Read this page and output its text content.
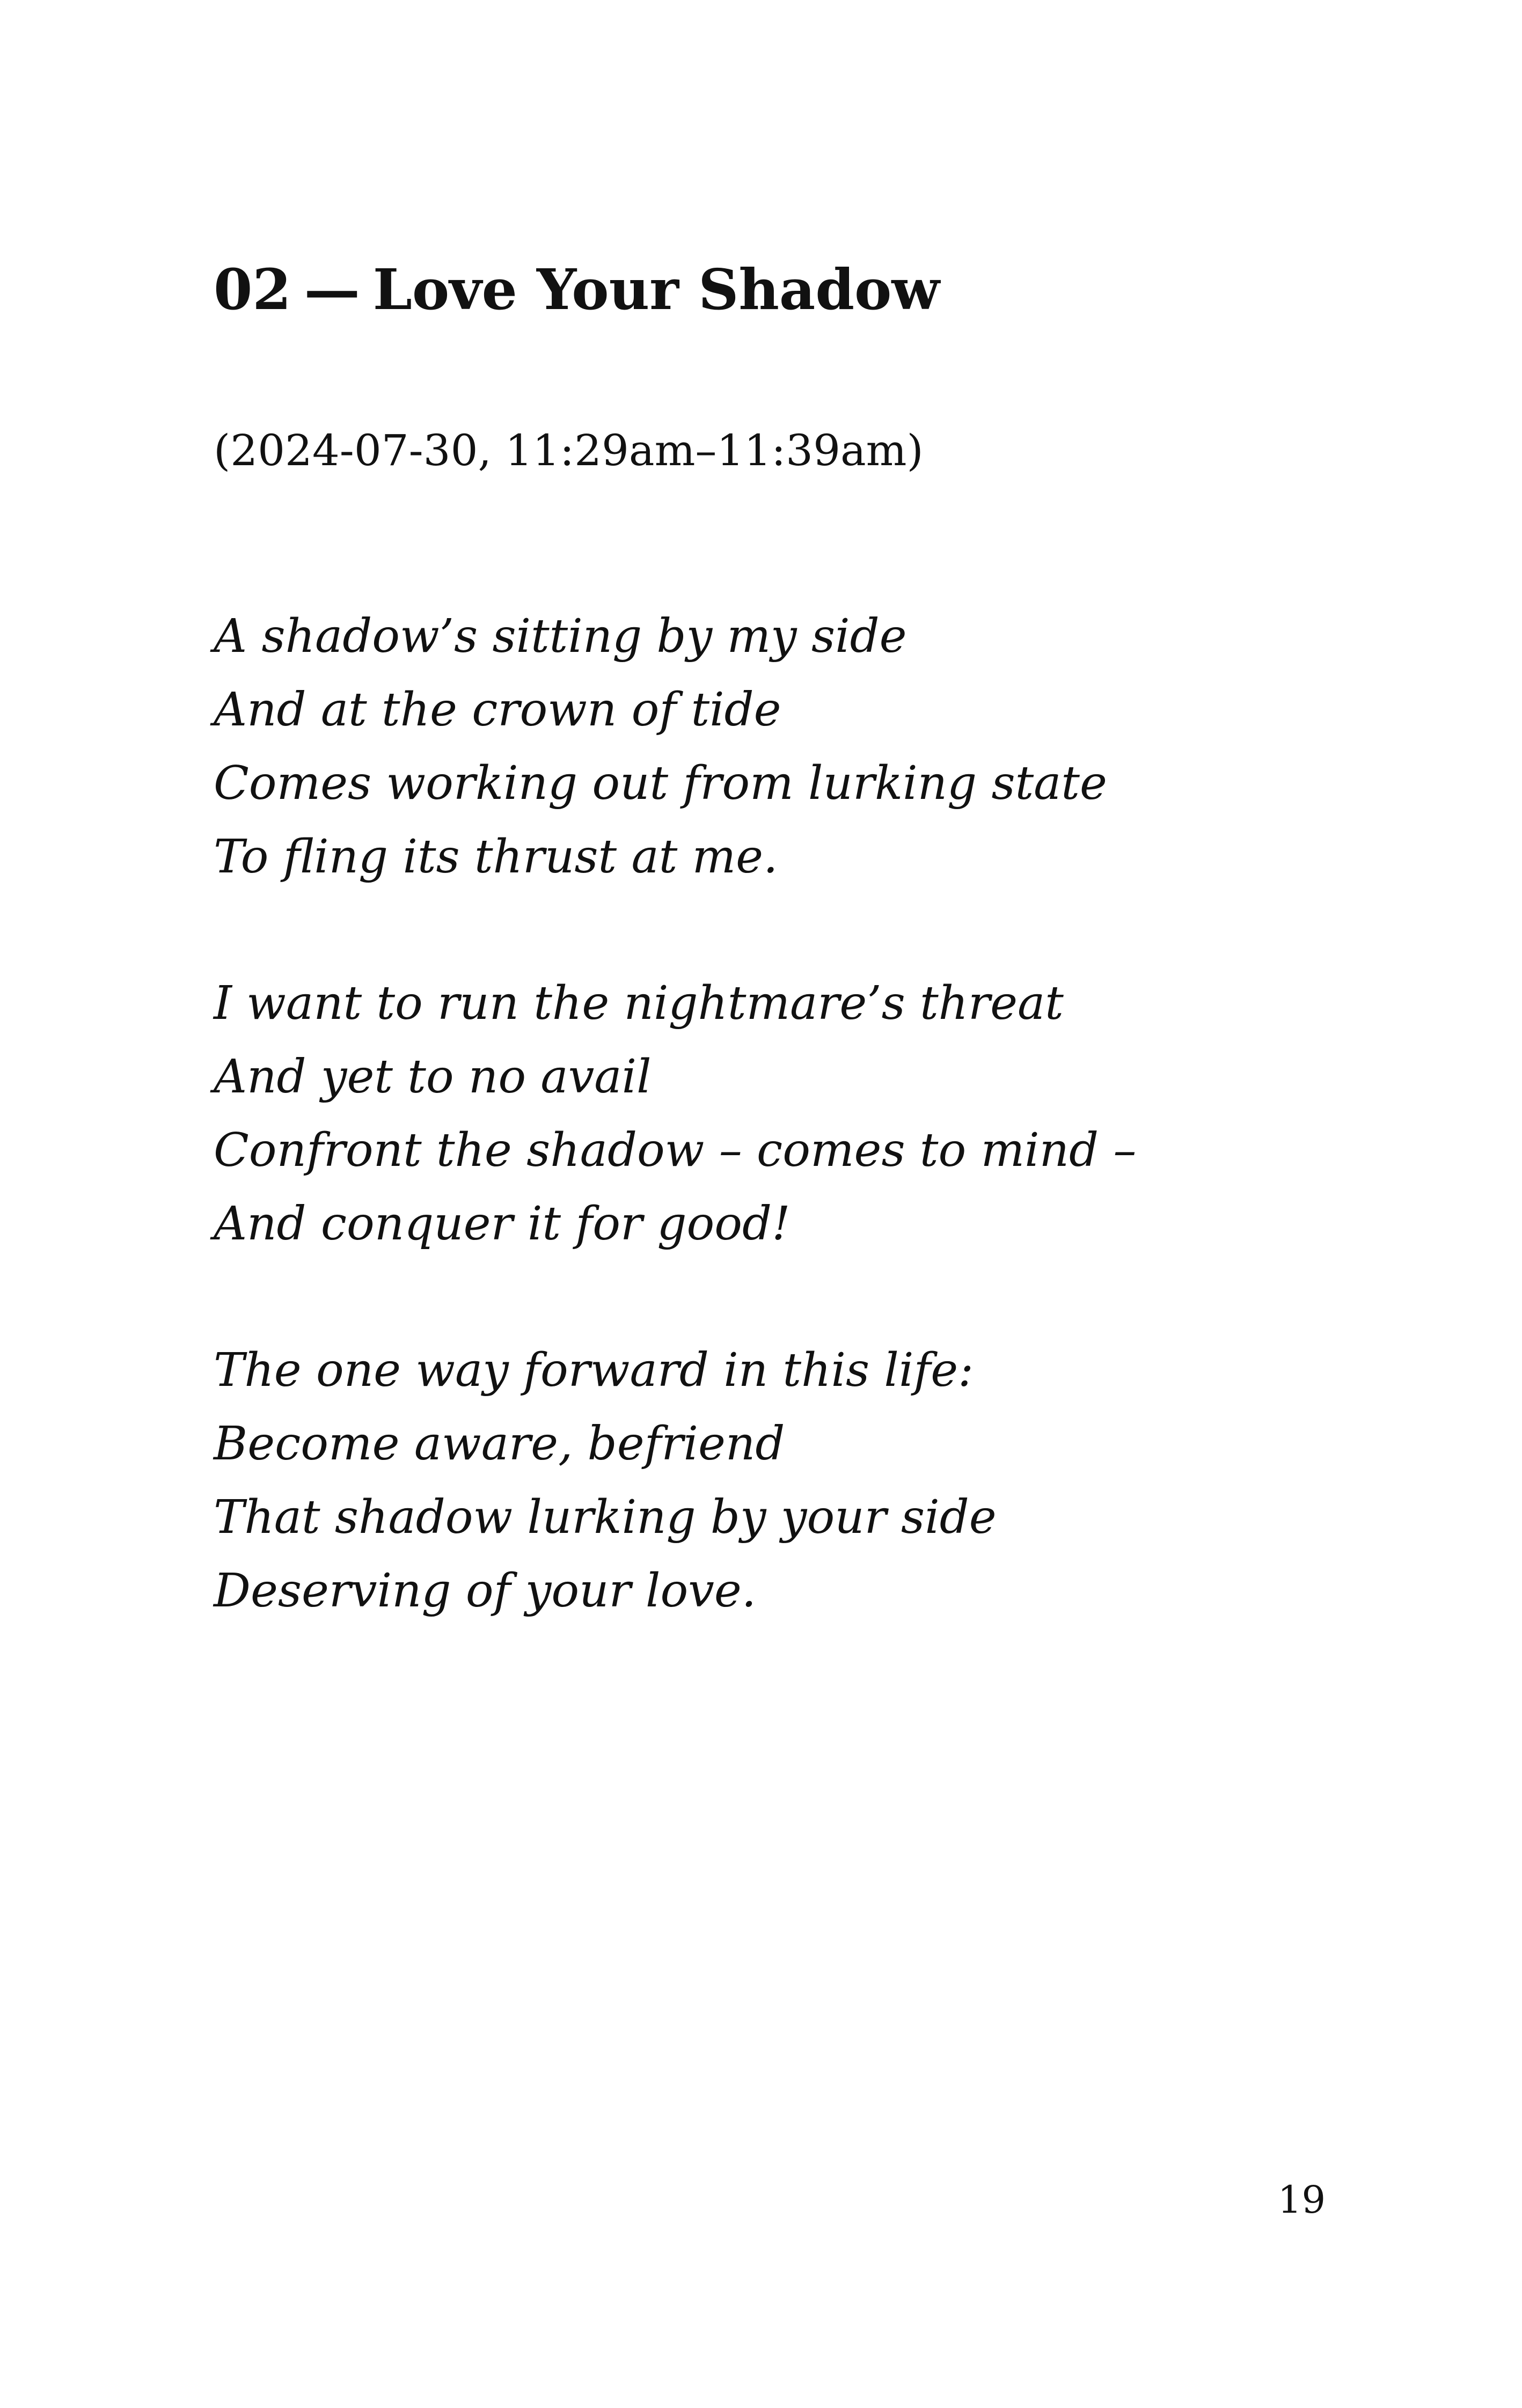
02 — Love Your Shadow

(2024-07-30, 11:29am–11:39am)

A shadow’s sitting by my side
And at the crown of tide
Comes working out from lurking state
To fling its thrust at me.
I want to run the nightmare’s threat
And yet to no avail
Confront the shadow – comes to mind –
And conquer it for good!
The one way forward in this life:
Become aware, befriend
That shadow lurking by your side
Deserving of your love.
19
